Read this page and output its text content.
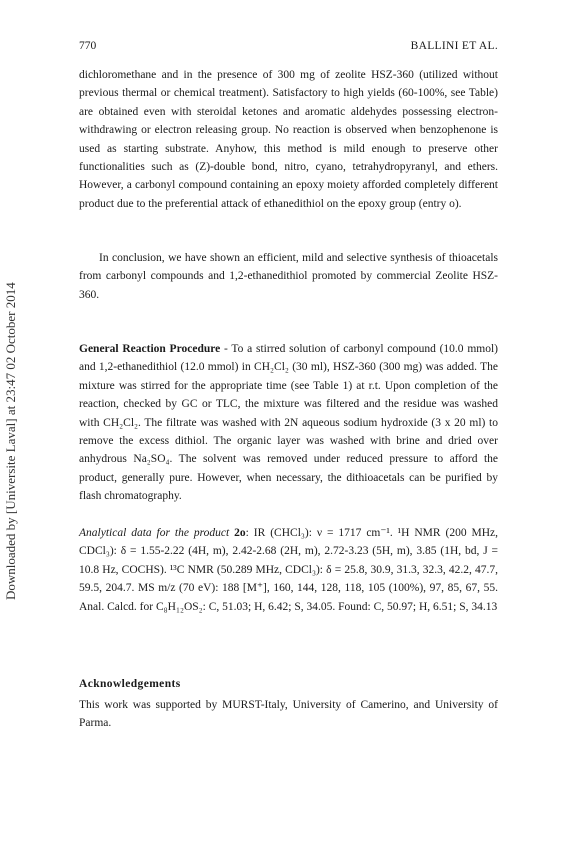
770	BALLINI ET AL.
Downloaded by [Universite Laval] at 23:47 02 October 2014

dichloromethane and in the presence of 300 mg of zeolite HSZ-360 (utilized without previous thermal or chemical treatment). Satisfactory to high yields (60-100%, see Table) are obtained even with steroidal ketones and aromatic aldehydes possessing electron-withdrawing or electron releasing group. No reaction is observed when benzophenone is used as starting substrate. Anyhow, this method is mild enough to preserve other functionalities such as (Z)-double bond, nitro, cyano, tetrahydropyranyl, and ethers. However, a carbonyl compound containing an epoxy moiety afforded completely different product due to the preferential attack of ethanedithiol on the epoxy group (entry o).

In conclusion, we have shown an efficient, mild and selective synthesis of thioacetals from carbonyl compounds and 1,2-ethanedithiol promoted by commercial Zeolite HSZ-360.

General Reaction Procedure - To a stirred solution of carbonyl compound (10.0 mmol) and 1,2-ethanedithiol (12.0 mmol) in CH₂Cl₂ (30 ml), HSZ-360 (300 mg) was added. The mixture was stirred for the appropriate time (see Table 1) at r.t. Upon completion of the reaction, checked by GC or TLC, the mixture was filtered and the residue was washed with CH₂Cl₂. The filtrate was washed with 2N aqueous sodium hydroxide (3 x 20 ml) to remove the excess dithiol. The organic layer was washed with brine and dried over anhydrous Na₂SO₄. The solvent was removed under reduced pressure to afford the product, generally pure. However, when necessary, the dithioacetals can be purified by flash chromatography.

Analytical data for the product 2o: IR (CHCl₃): ν = 1717 cm⁻¹. ¹H NMR (200 MHz, CDCl₃): δ = 1.55-2.22 (4H, m), 2.42-2.68 (2H, m), 2.72-3.23 (5H, m), 3.85 (1H, bd, J = 10.8 Hz, COCHS). ¹³C NMR (50.289 MHz, CDCl₃): δ = 25.8, 30.9, 31.3, 32.3, 42.2, 47.7, 59.5, 204.7. MS m/z (70 eV): 188 [M⁺], 160, 144, 128, 118, 105 (100%), 97, 85, 67, 55. Anal. Calcd. for C₈H₁₂OS₂: C, 51.03; H, 6.42; S, 34.05. Found: C, 50.97; H, 6.51; S, 34.13

Acknowledgements

This work was supported by MURST-Italy, University of Camerino, and University of Parma.
